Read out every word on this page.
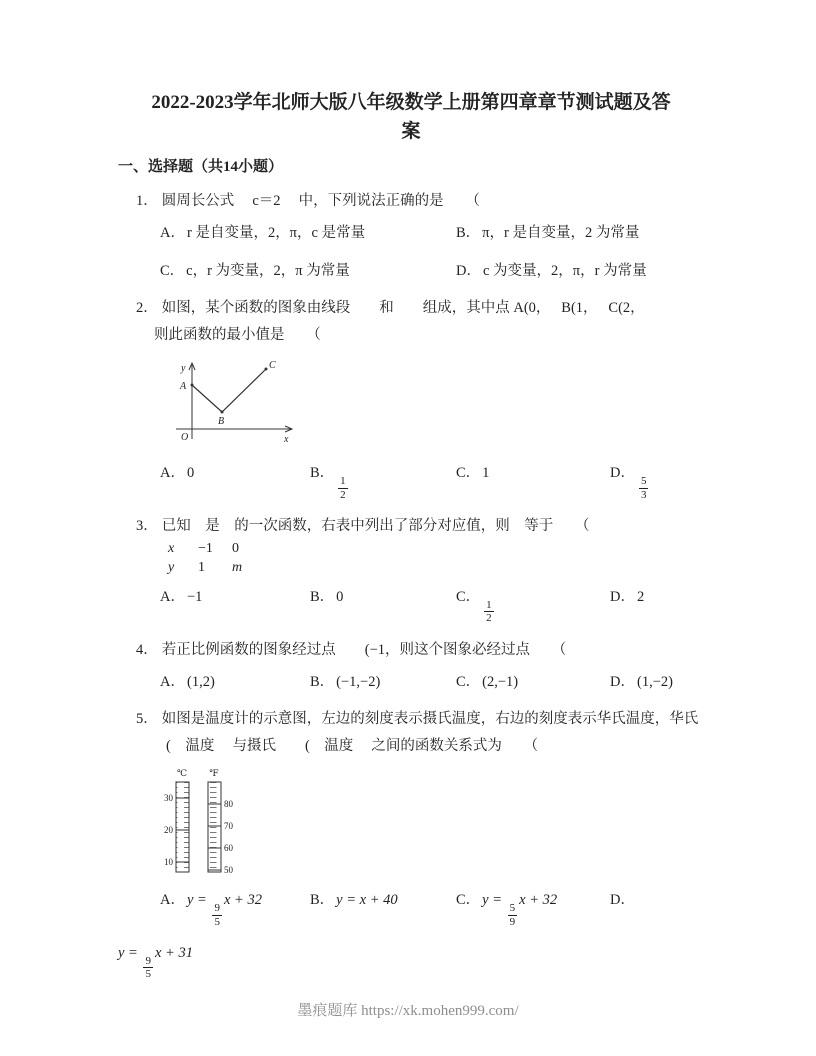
2022-2023学年北师大版八年级数学上册第四章章节测试题及答案
一、选择题（共14小题）
1． 圆周长公式　 c＝2 　中，下列说法正确的是　　（
A． r 是自变量，2，π，c 是常量	B． π，r 是自变量，2 为常量
C． c，r 为变量，2，π 为常量	D． c 为变量，2，π，r 为常量
2． 如图，某个函数的图象由线段　　和　　组成，其中点 A(0，　 B(1，　 C(2，
则此函数的最小值是　　（
y
x
O
A
B
C
A． 0	B．
$\frac{1}{2}$
C． 1	D．
$\frac{5}{3}$
3． 已知　是　的一次函数，右表中列出了部分对应值，则　等于　　（
x	−1	0
y	1	m
A． −1	B． 0	C．
$\frac{1}{2}$
D． 2
4． 若正比例函数的图象经过点　　(−1，则这个图象必经过点　　（
A． (1,2)	B． (−1,−2)	C． (2,−1)	D． (1,−2)
5． 如图是温度计的示意图，左边的刻度表示摄氏温度，右边的刻度表示华氏温度，华氏
(　温度　 与摄氏　　(　温度　 之间的函数关系式为　　（
℃ ℉
30
20
10
80
70
60
50
A． y =
$\frac{9}{5}$
x + 32	B． y = x + 40	C． y =
$\frac{5}{9}$
x + 32	D．
y =
$\frac{9}{5}$
x + 31
墨痕题库 https://xk.mohen999.com/
